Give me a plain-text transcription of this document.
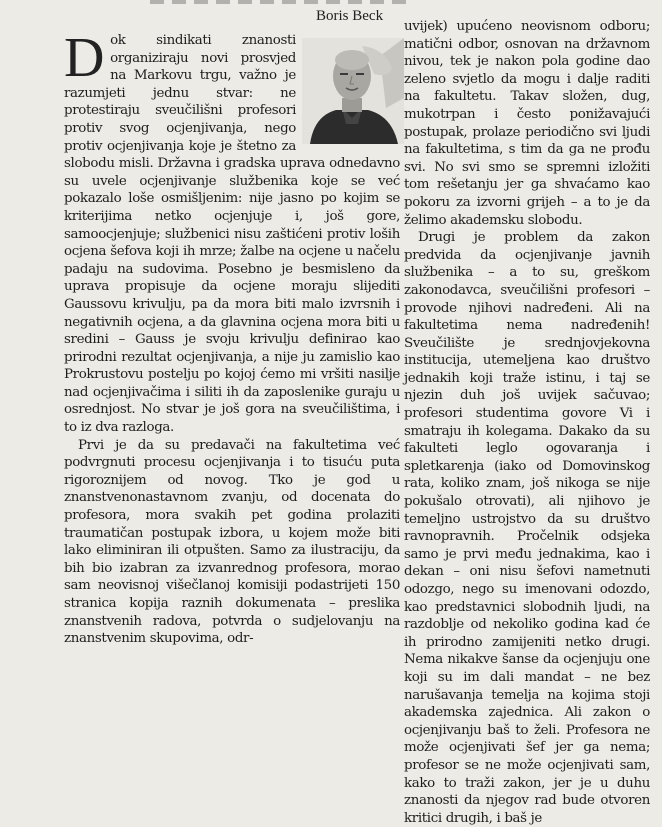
Boris Beck

Dok sindikati znanosti organiziraju novi prosvjed na Markovu trgu, važno je razumjeti jednu stvar: ne protestiraju sveučilišni profesori protiv svog ocjenjivanja, nego protiv ocjenjivanja koje je štetno za slobodu misli. Državna i gradska uprava odnedavno su uvele ocjenjivanje službenika koje se već pokazalo loše osmišljenim: nije jasno po kojim se kriterijima netko ocjenjuje i, još gore, samoocjenjuje; službenici nisu zaštićeni protiv loših ocjena šefova koji ih mrze; žalbe na ocjene u načelu padaju na sudovima. Posebno je besmisleno da uprava propisuje da ocjene moraju slijediti Gaussovu krivulju, pa da mora biti malo izvrsnih i negativnih ocjena, a da glavnina ocjena mora biti u sredini – Gauss je svoju krivulju definirao kao prirodni rezultat ocjenjivanja, a nije ju zamislio kao Prokrustovu postelju po kojoj ćemo mi vršiti nasilje nad ocjenjivačima i siliti ih da zaposlenike guraju u osrednjost. No stvar je još gora na sveučilištima, i to iz dva razloga.

Prvi je da su predavači na fakultetima već podvrgnuti procesu ocjenjivanja i to tisuću puta rigoroznijem od novog. Tko je god u znanstvenonastavnom zvanju, od docenata do profesora, mora svakih pet godina prolaziti traumatičan postupak izbora, u kojem može biti lako eliminiran ili otpušten. Samo za ilustraciju, da bih bio izabran za izvanrednog profesora, morao sam neovisnoj višečlanoj komisiji podastrijeti 150 stranica kopija raznih dokumenata – preslika znanstvenih radova, potvrda o sudjelovanju na znanstvenim skupovima, odr-

uvijek) upućeno neovisnom odboru; matični odbor, osnovan na državnom nivou, tek je nakon pola godine dao zeleno svjetlo da mogu i dalje raditi na fakultetu. Takav složen, dug, mukotrpan i često ponižavajući postupak, prolaze periodično svi ljudi na fakultetima, s tim da ga ne prođu svi. No svi smo se spremni izložiti tom rešetanju jer ga shvaćamo kao pokoru za izvorni grijeh – a to je da želimo akademsku slobodu.

Drugi je problem da zakon predvida da ocjenjivanje javnih službenika – a to su, greškom zakonodavca, sveučilišni profesori – provode njihovi nadređeni. Ali na fakultetima nema nadređenih! Sveučilište je srednjovjekovna institucija, utemeljena kao društvo jednakih koji traže istinu, i taj se njezin duh još uvijek sačuvao; profesori studentima govore Vi i smatraju ih kolegama. Dakako da su fakulteti leglo ogovaranja i spletkarenja (iako od Domovinskog rata, koliko znam, još nikoga se nije pokušalo otrovati), ali njihovo je temeljno ustrojstvo da su društvo ravnopravnih. Pročelnik odsjeka samo je prvi među jednakima, kao i dekan – oni nisu šefovi nametnuti odozgo, nego su imenovani odozdo, kao predstavnici slobodnih ljudi, na razdoblje od nekoliko godina kad će ih prirodno zamijeniti netko drugi. Nema nikakve šanse da ocjenjuju one koji su im dali mandat – ne bez narušavanja temelja na kojima stoji akademska zajednica. Ali zakon o ocjenjivanju baš to želi. Profesora ne može ocjenjivati šef jer ga nema; profesor se ne može ocjenjivati sam, kako to traži zakon, jer je u duhu znanosti da njegov rad bude otvoren kritici drugih, i baš je
